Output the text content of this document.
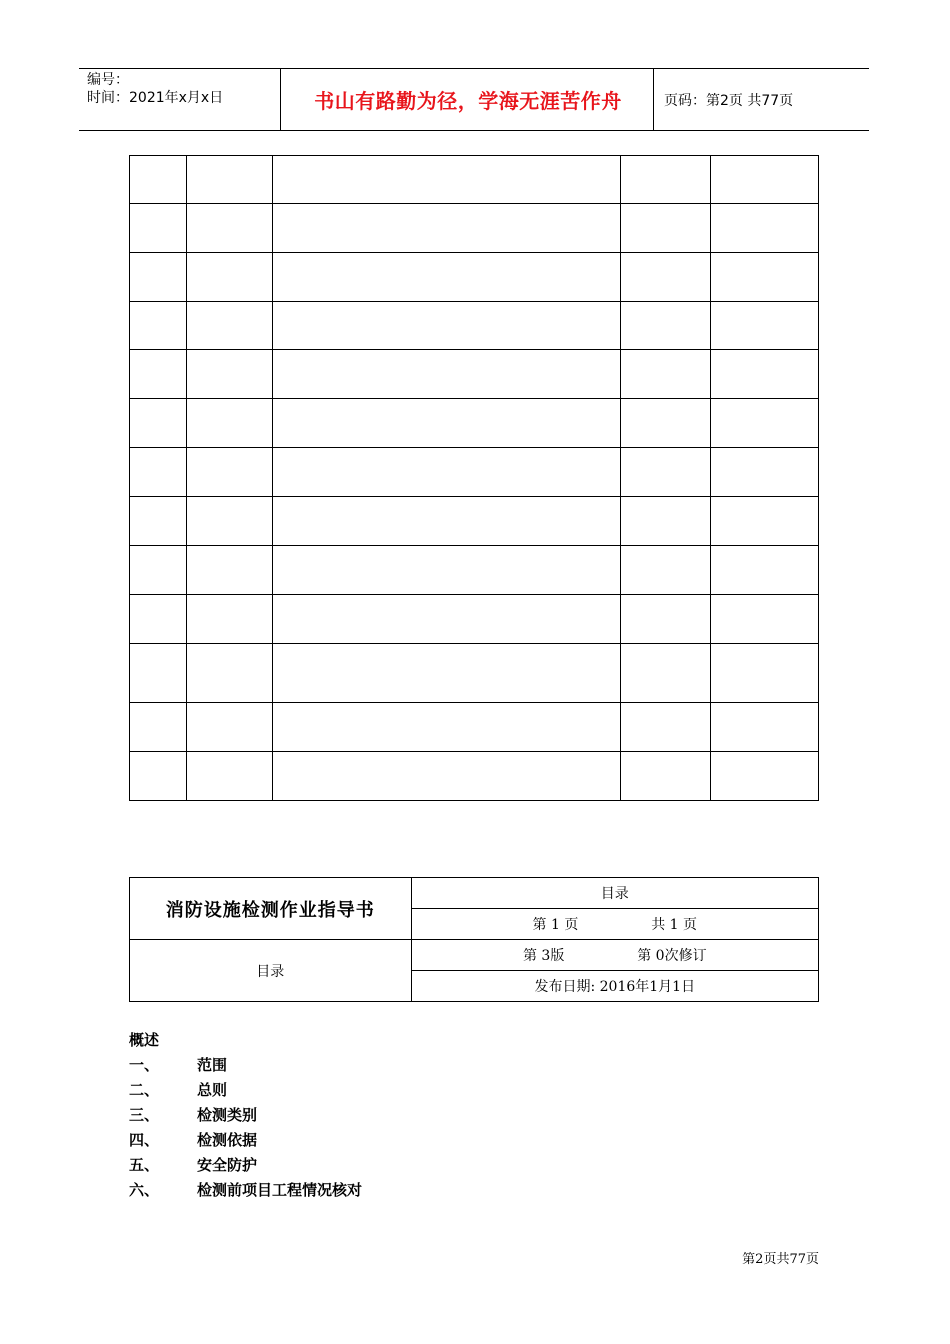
编号：
时间：2021年x月x日	书山有路勤为径，学海无涯苦作舟	页码：第2页 共77页

消防设施检测作业指导书	目录
	第 1 页 共 1 页
目录	第 3版 第 0次修订
	发布日期: 2016年1月1日
概述
一、	范围
二、	总则
三、	检测类别
四、	检测依据
五、	安全防护
六、	检测前项目工程情况核对
第2页共77页
